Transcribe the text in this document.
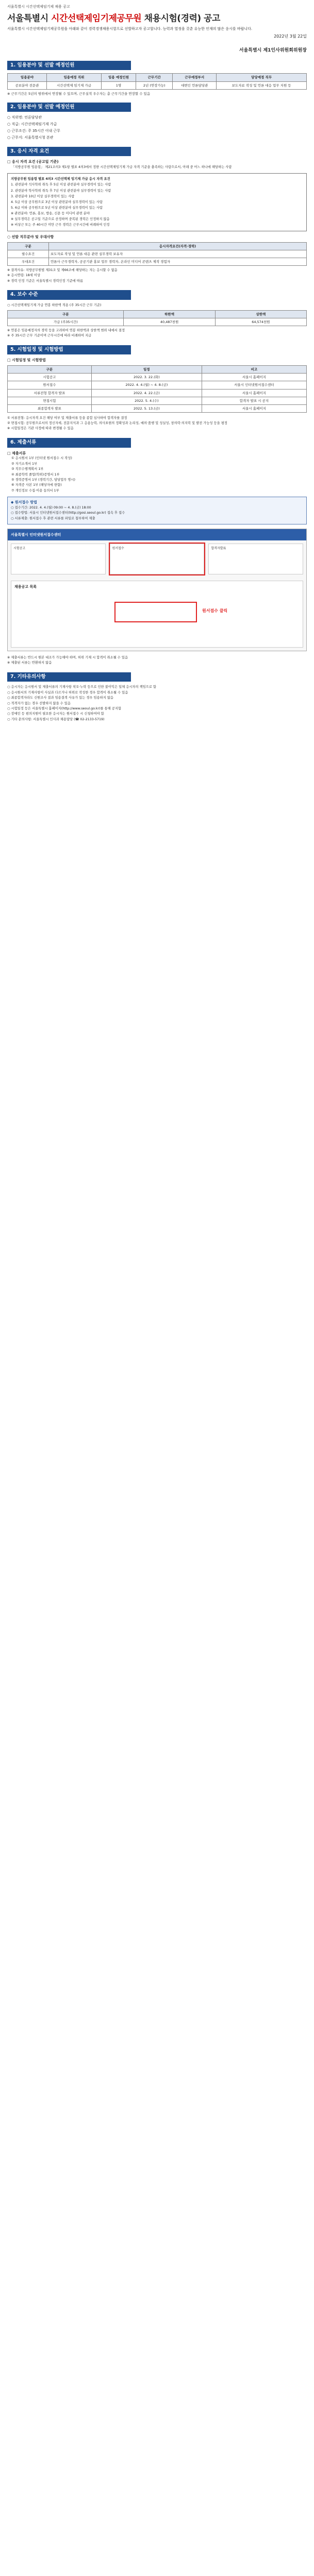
서울특별시 시간선택제임기제 채용 공고
서울특별시 시간선택제임기제공무원 채용시험(경력) 공고
서울특별시 시간선택제임기제공무원을 아래와 같이 경력경쟁채용시험으로 선발하고자 공고합니다. 능력과 열정을 갖춘 유능한 인재의 많은 응시를 바랍니다.
2022년 3월 22일
서울특별시 제1인사위원회위원장
1. 임용분야 및 선발 예정인원
임용분야	임용예정 직위	임용 예정인원	근무기간	근무예정부서	담당예정 직무
공보분야 전문관	시간선택제 임기제 가급	1명	2년 (연장가능)	대변인 언론담당관	보도자료 작성 및 언론 대응 업무 지원 등
※ 근무기간은 5년의 범위에서 연장될 수 있으며, 근무실적 우수자는 총 근무기간을 연장할 수 있음
2. 임용분야 및 선발 예정인원
○ 직위명: 언론담당관
○ 직급: 시간선택제임기제 가급
○ 근무조건: 주 35시간 이내 근무
○ 근무지: 서울특별시청 본관
3. 응시 자격 요건
□ 응시 자격 요건 (공고일 기준)
「지방공무원 임용령」 제21조의3 제1항 별표 4의3에서 정한 시간선택제임기제 가급 자격 기준을 충족하는 사람으로서, 아래 중 어느 하나에 해당하는 사람

지방공무원 임용령 별표 4의3 시간선택제 임기제 가급 응시 자격 요건

1. 관련분야 석사학위 취득 후 5년 이상 관련분야 실무경력이 있는 사람

2. 관련분야 학사학위 취득 후 7년 이상 관련분야 실무경력이 있는 사람

3. 관련분야 10년 이상 실무경력이 있는 사람

4. 5급 이상 공무원으로 3년 이상 관련분야 실무경력이 있는 사람

5. 6급 이하 공무원으로 5년 이상 관련분야 실무경력이 있는 사람

※ 관련분야: 언론, 홍보, 방송, 신문 등 미디어 관련 분야

※ 실무경력은 공고일 기준으로 산정하며 중복된 경력은 인정하지 않음

※ 비상근 또는 주 40시간 미만 근무 경력은 근무시간에 비례하여 인정

○ 선발 직무분야 및 우대사항
구분	응시자격요건(자격·경력)
필수요건	보도자료 작성 및 언론 대응 관련 실무경력 보유자
우대요건	언론사 근무경력자, 공공기관 홍보 업무 경력자, 온라인 미디어 콘텐츠 제작 경험자
※ 결격사유: 지방공무원법 제31조 및 제66조에 해당하는 자는 응시할 수 없음
※ 응시연령: 18세 이상
※ 경력 인정 기준은 서울특별시 경력인정 기준에 따름
4. 보수 수준
○ 시간선택제임기제 가급 연봉 하한액 적용 (주 35시간 근무 기준)
구분	하한액	상한액
가급 (주35시간)	40,487천원	64,574천원
※ 연봉은 임용예정자의 경력 등을 고려하여 연봉 하한액과 상한액 범위 내에서 결정
※ 주 35시간 근무 기준이며 근무시간에 따라 비례하여 지급
5. 시험일정 및 시험방법
□ 시험일정 및 시험방법
구분	일정	비고
시험공고	2022. 3. 22.(화)	서울시 홈페이지
원서접수	2022. 4. 4.(월) ~ 4. 8.(금)	서울시 인터넷원서접수센터
서류전형 합격자 발표	2022. 4. 22.(금)	서울시 홈페이지
면접시험	2022. 5. 4.(수)	합격자 발표 시 공지
최종합격자 발표	2022. 5. 13.(금)	서울시 홈페이지
① 서류전형: 응시자격 요건 해당 여부 및 제출서류 등을 종합 심사하여 합격자를 결정
② 면접시험: 공무원으로서의 정신자세, 전문지식과 그 응용능력, 의사표현의 정확성과 논리성, 예의·품행 및 성실성, 창의력·의지력 및 발전 가능성 등을 평정
※ 시험일정은 기관 사정에 따라 변경될 수 있음
6. 제출서류
□ 제출서류
① 응시원서 1부 (인터넷 원서접수 시 작성)
② 자기소개서 1부
③ 직무수행계획서 1부
④ 최종학력 졸업(학위)증명서 1부
⑤ 경력증명서 1부 (경력기간, 담당업무 명시)
⑥ 자격증 사본 1부 (해당자에 한함)
⑦ 개인정보 수집·이용 동의서 1부
◆ 원서접수 방법
○ 접수기간: 2022. 4. 4.(월) 09:00 ~ 4. 8.(금) 18:00
○ 접수방법: 서울시 인터넷원서접수센터(http://gosi.seoul.go.kr) 접속 후 접수
○ 서류제출: 원서접수 후 관련 서류를 파일로 첨부하여 제출
서울특별시 인터넷원서접수센터
시험공고	원서접수	합격자발표
채용공고 목록
원서접수 클릭
※ 제출서류는 반드시 원본 대조가 가능해야 하며, 허위 기재 시 합격이 취소될 수 있음
※ 제출된 서류는 반환하지 않음
7. 기타유의사항
○ 응시자는 응시원서 및 제출서류의 기재사항 착오·누락 등으로 인한 불이익은 일체 응시자의 책임으로 함
○ 응시원서의 기재사항이 사실과 다르거나 허위로 작성한 경우 합격이 취소될 수 있음
○ 최종합격자라도 신원조사 결과 임용결격 사유가 있는 경우 임용하지 않음
○ 적격자가 없는 경우 선발하지 않을 수 있음
○ 시험일정 등은 서울특별시 홈페이지(http://www.seoul.go.kr)를 통해 공지함
○ 장애인 등 편의지원이 필요한 응시자는 원서접수 시 신청하여야 함
○ 기타 문의사항: 서울특별시 인사과 채용담당 (☎ 02-2133-5719)
